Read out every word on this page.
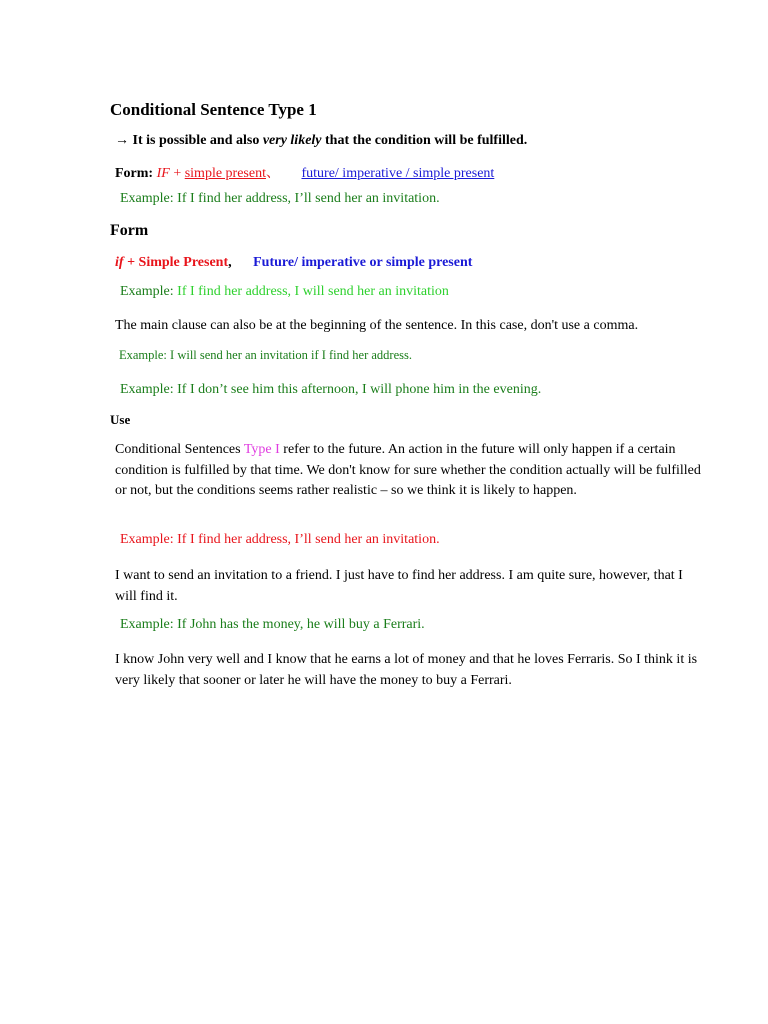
Conditional Sentence Type 1
→ It is possible and also very likely that the condition will be fulfilled.
Form: IF + simple present、 future/ imperative / simple present
Example: If I find her address, I’ll send her an invitation.
Form
if + Simple Present, Future/ imperative or simple present
Example: If I find her address, I will send her an invitation
The main clause can also be at the beginning of the sentence. In this case, don't use a comma.
Example: I will send her an invitation if I find her address.
Example: If I don’t see him this afternoon, I will phone him in the evening.
Use
Conditional Sentences Type I refer to the future. An action in the future will only happen if a certain condition is fulfilled by that time. We don't know for sure whether the condition actually will be fulfilled or not, but the conditions seems rather realistic – so we think it is likely to happen.
Example: If I find her address, I’ll send her an invitation.
I want to send an invitation to a friend. I just have to find her address. I am quite sure, however, that I will find it.
Example: If John has the money, he will buy a Ferrari.
I know John very well and I know that he earns a lot of money and that he loves Ferraris. So I think it is very likely that sooner or later he will have the money to buy a Ferrari.
